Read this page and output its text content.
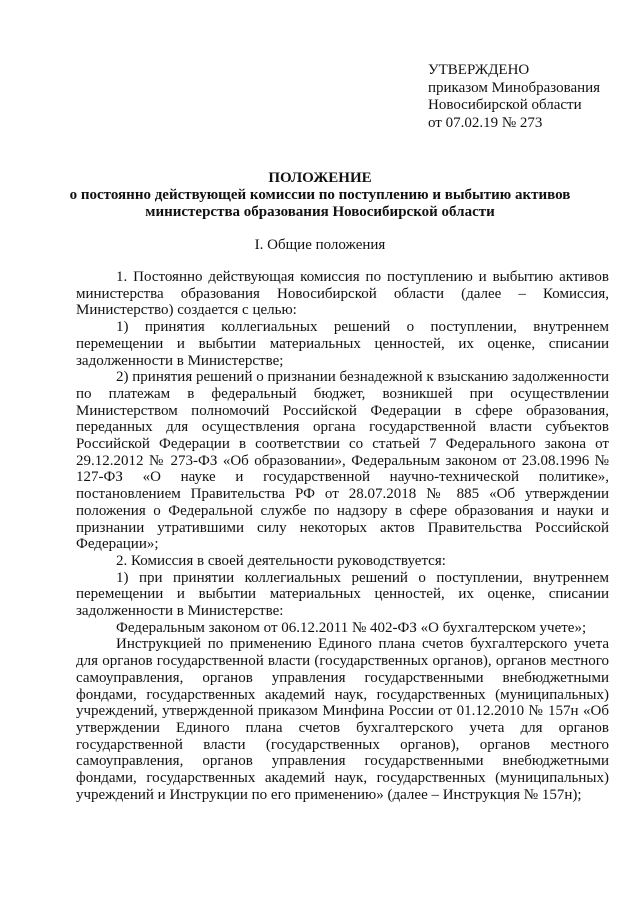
УТВЕРЖДЕНО
приказом Минобразования
Новосибирской области
от 07.02.19 № 273
ПОЛОЖЕНИЕ
о постоянно действующей комиссии по поступлению и выбытию активов
министерства образования Новосибирской области
I. Общие положения

1. Постоянно действующая комиссия по поступлению и выбытию активов министерства образования Новосибирской области (далее – Комиссия, Министерство) создается с целью:

1) принятия коллегиальных решений о поступлении, внутреннем перемещении и выбытии материальных ценностей, их оценке, списании задолженности в Министерстве;

2) принятия решений о признании безнадежной к взысканию задолженности по платежам в федеральный бюджет, возникшей при осуществлении Министерством полномочий Российской Федерации в сфере образования, переданных для осуществления органа государственной власти субъектов Российской Федерации в соответствии со статьей 7 Федерального закона от 29.12.2012 № 273-ФЗ «Об образовании», Федеральным законом от 23.08.1996 № 127-ФЗ «О науке и государственной научно-технической политике», постановлением Правительства РФ от 28.07.2018 № 885 «Об утверждении положения о Федеральной службе по надзору в сфере образования и науки и признании утратившими силу некоторых актов Правительства Российской Федерации»;

2. Комиссия в своей деятельности руководствуется:

1) при принятии коллегиальных решений о поступлении, внутреннем перемещении и выбытии материальных ценностей, их оценке, списании задолженности в Министерстве:

Федеральным законом от 06.12.2011 № 402-ФЗ «О бухгалтерском учете»;

Инструкцией по применению Единого плана счетов бухгалтерского учета для органов государственной власти (государственных органов), органов местного самоуправления, органов управления государственными внебюджетными фондами, государственных академий наук, государственных (муниципальных) учреждений, утвержденной приказом Минфина России от 01.12.2010 № 157н «Об утверждении Единого плана счетов бухгалтерского учета для органов государственной власти (государственных органов), органов местного самоуправления, органов управления государственными внебюджетными фондами, государственных академий наук, государственных (муниципальных) учреждений и Инструкции по его применению» (далее – Инструкция № 157н);
